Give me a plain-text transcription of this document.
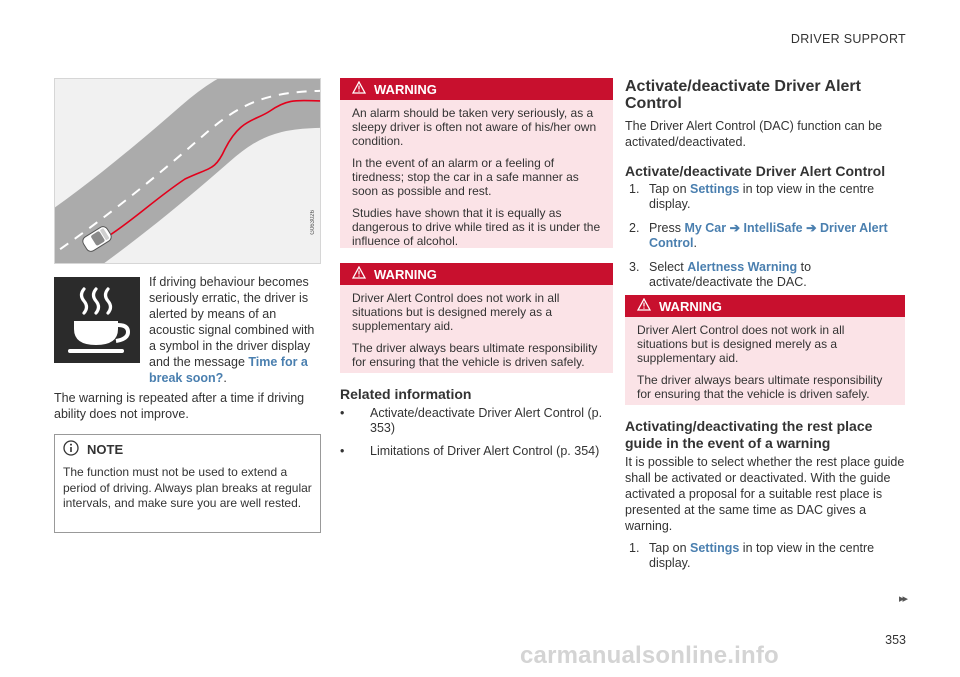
DRIVER SUPPORT
G063026
If driving behaviour becomes seriously erratic, the driver is alerted by means of an acoustic signal combined with a symbol in the driver display and the message Time for a break soon?.

The warning is repeated after a time if driving ability does not improve.

NOTE

The function must not be used to extend a period of driving. Always plan breaks at regular intervals, and make sure you are well rested.

WARNING

An alarm should be taken very seriously, as a sleepy driver is often not aware of his/her own condition.

In the event of an alarm or a feeling of tiredness; stop the car in a safe manner as soon as possible and rest.

Studies have shown that it is equally as dangerous to drive while tired as it is under the influence of alcohol.

WARNING

Driver Alert Control does not work in all situations but is designed merely as a supplementary aid.

The driver always bears ultimate responsibility for ensuring that the vehicle is driven safely.

Related information
• Activate/deactivate Driver Alert Control (p. 353)
• Limitations of Driver Alert Control (p. 354)
Activate/deactivate Driver Alert Control

The Driver Alert Control (DAC) function can be activated/deactivated.

Activate/deactivate Driver Alert Control
1. Tap on Settings in top view in the centre display.
2. Press My Car ➔ IntelliSafe ➔ Driver Alert Control.
3. Select Alertness Warning to activate/deactivate the DAC.
WARNING

Driver Alert Control does not work in all situations but is designed merely as a supplementary aid.

The driver always bears ultimate responsibility for ensuring that the vehicle is driven safely.

Activating/deactivating the rest place guide in the event of a warning

It is possible to select whether the rest place guide shall be activated or deactivated. With the guide activated a proposal for a suitable rest place is presented at the same time as DAC gives a warning.

1. Tap on Settings in top view in the centre display.
▸▸
353
carmanualsonline.info
